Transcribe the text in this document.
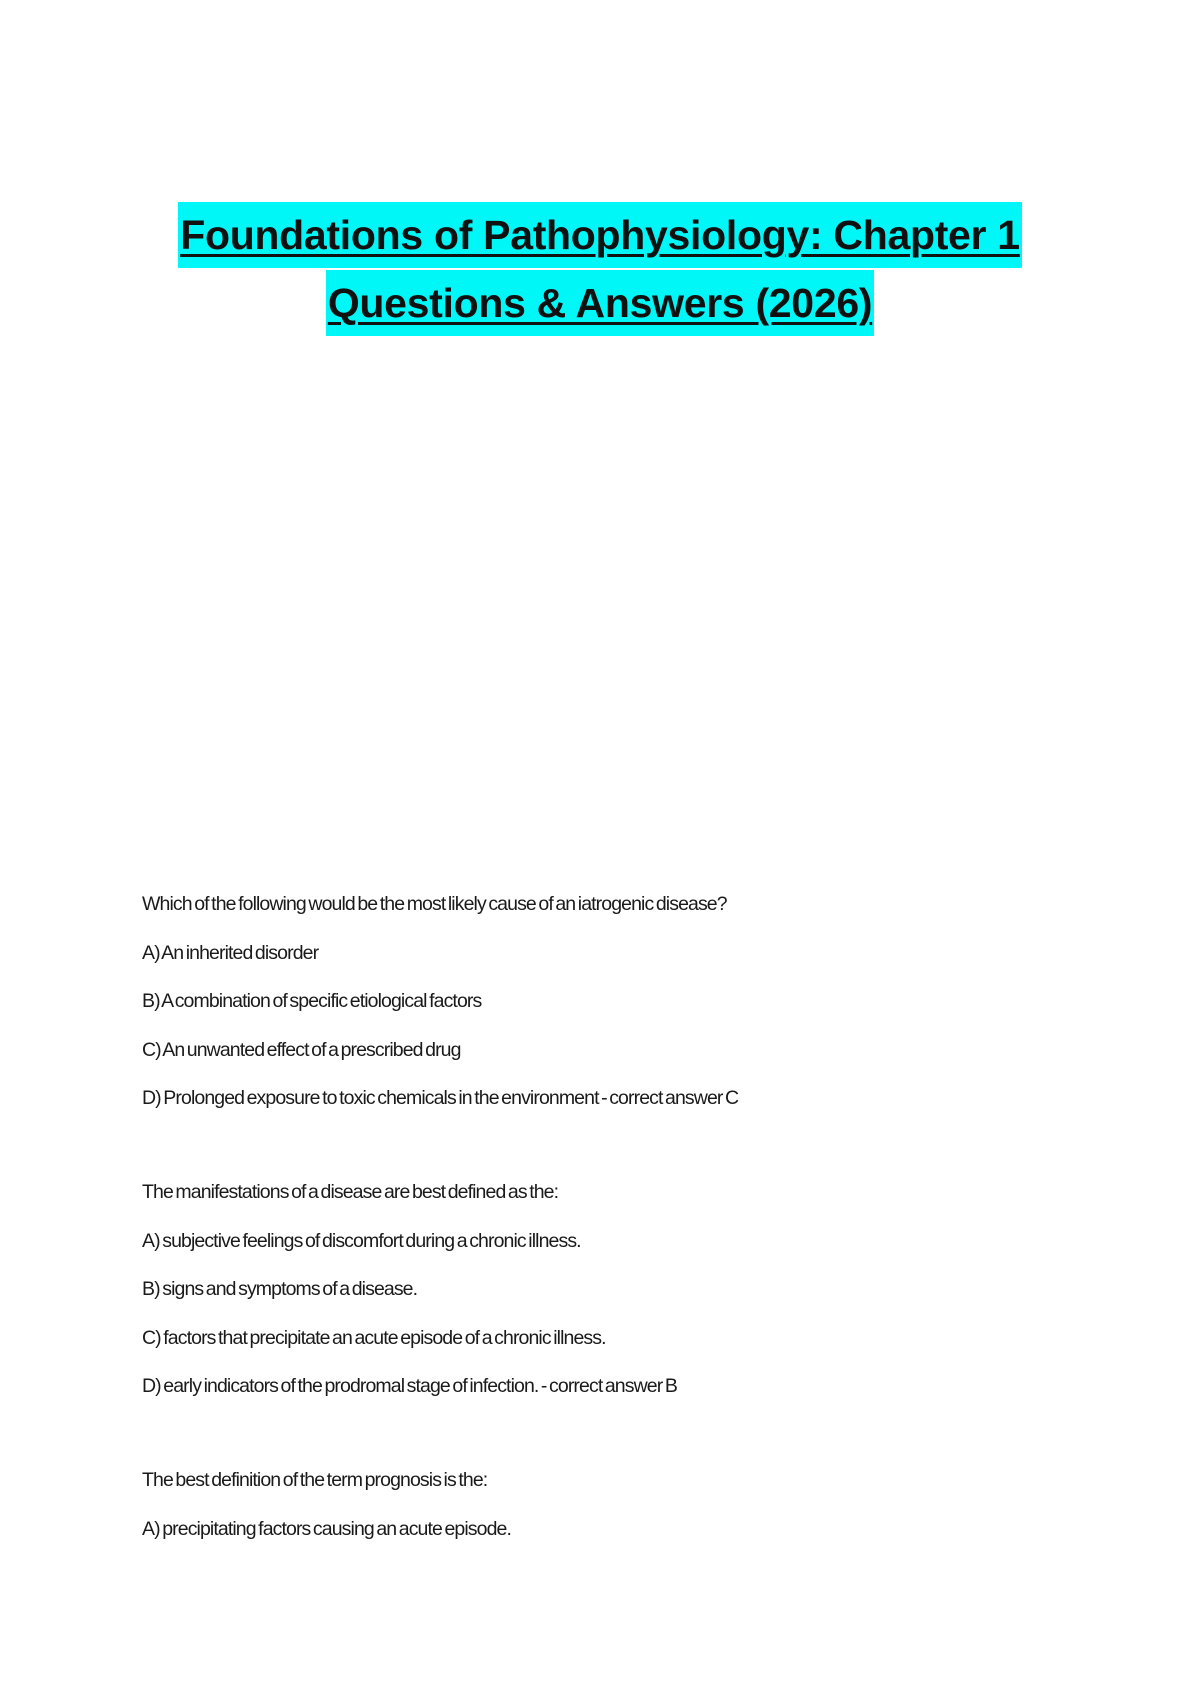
Foundations of Pathophysiology: Chapter 1
Questions & Answers (2026)

Which of the following would be the most likely cause of an iatrogenic disease?

A) An inherited disorder

B) A combination of specific etiological factors

C) An unwanted effect of a prescribed drug

D) Prolonged exposure to toxic chemicals in the environment - correct answer C

The manifestations of a disease are best defined as the:

A) subjective feelings of discomfort during a chronic illness.

B) signs and symptoms of a disease.

C) factors that precipitate an acute episode of a chronic illness.

D) early indicators of the prodromal stage of infection. - correct answer B

The best definition of the term prognosis is the:

A) precipitating factors causing an acute episode.
